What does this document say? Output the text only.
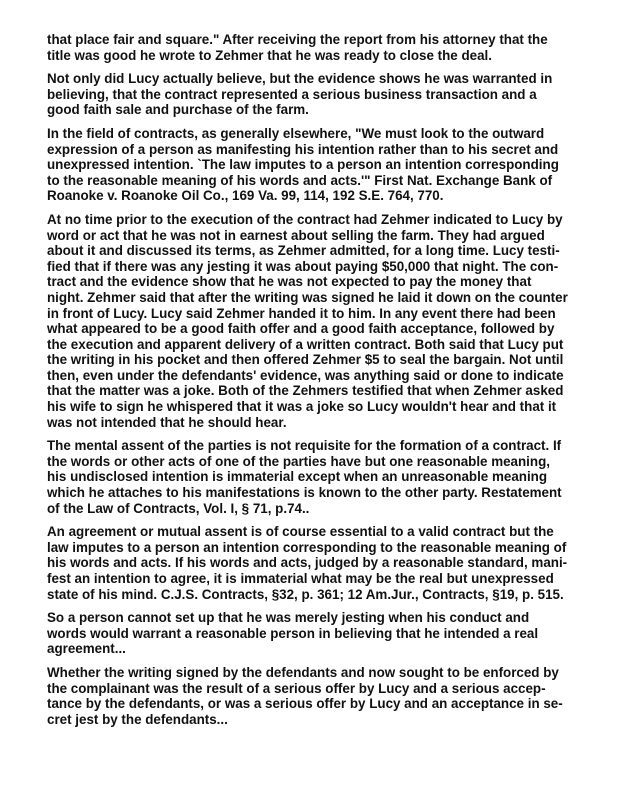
that place fair and square." After receiving the report from his attorney that the
title was good he wrote to Zehmer that he was ready to close the deal.

Not only did Lucy actually believe, but the evidence shows he was warranted in
believing, that the contract represented a serious business transaction and a
good faith sale and purchase of the farm.

In the field of contracts, as generally elsewhere, "We must look to the outward
expression of a person as manifesting his intention rather than to his secret and
unexpressed intention. `The law imputes to a person an intention corresponding
to the reasonable meaning of his words and acts.'" First Nat. Exchange Bank of
Roanoke v. Roanoke Oil Co., 169 Va. 99, 114, 192 S.E. 764, 770.

At no time prior to the execution of the contract had Zehmer indicated to Lucy by
word or act that he was not in earnest about selling the farm. They had argued
about it and discussed its terms, as Zehmer admitted, for a long time. Lucy testi-
fied that if there was any jesting it was about paying $50,000 that night. The con-
tract and the evidence show that he was not expected to pay the money that
night. Zehmer said that after the writing was signed he laid it down on the counter
in front of Lucy. Lucy said Zehmer handed it to him. In any event there had been
what appeared to be a good faith offer and a good faith acceptance, followed by
the execution and apparent delivery of a written contract. Both said that Lucy put
the writing in his pocket and then offered Zehmer $5 to seal the bargain. Not until
then, even under the defendants' evidence, was anything said or done to indicate
that the matter was a joke. Both of the Zehmers testified that when Zehmer asked
his wife to sign he whispered that it was a joke so Lucy wouldn't hear and that it
was not intended that he should hear.

The mental assent of the parties is not requisite for the formation of a contract. If
the words or other acts of one of the parties have but one reasonable meaning,
his undisclosed intention is immaterial except when an unreasonable meaning
which he attaches to his manifestations is known to the other party. Restatement
of the Law of Contracts, Vol. I, § 71, p.74..

An agreement or mutual assent is of course essential to a valid contract but the
law imputes to a person an intention corresponding to the reasonable meaning of
his words and acts. If his words and acts, judged by a reasonable standard, mani-
fest an intention to agree, it is immaterial what may be the real but unexpressed
state of his mind. C.J.S. Contracts, §32, p. 361; 12 Am.Jur., Contracts, §19, p. 515.

So a person cannot set up that he was merely jesting when his conduct and
words would warrant a reasonable person in believing that he intended a real
agreement...

Whether the writing signed by the defendants and now sought to be enforced by
the complainant was the result of a serious offer by Lucy and a serious accep-
tance by the defendants, or was a serious offer by Lucy and an acceptance in se-
cret jest by the defendants...
